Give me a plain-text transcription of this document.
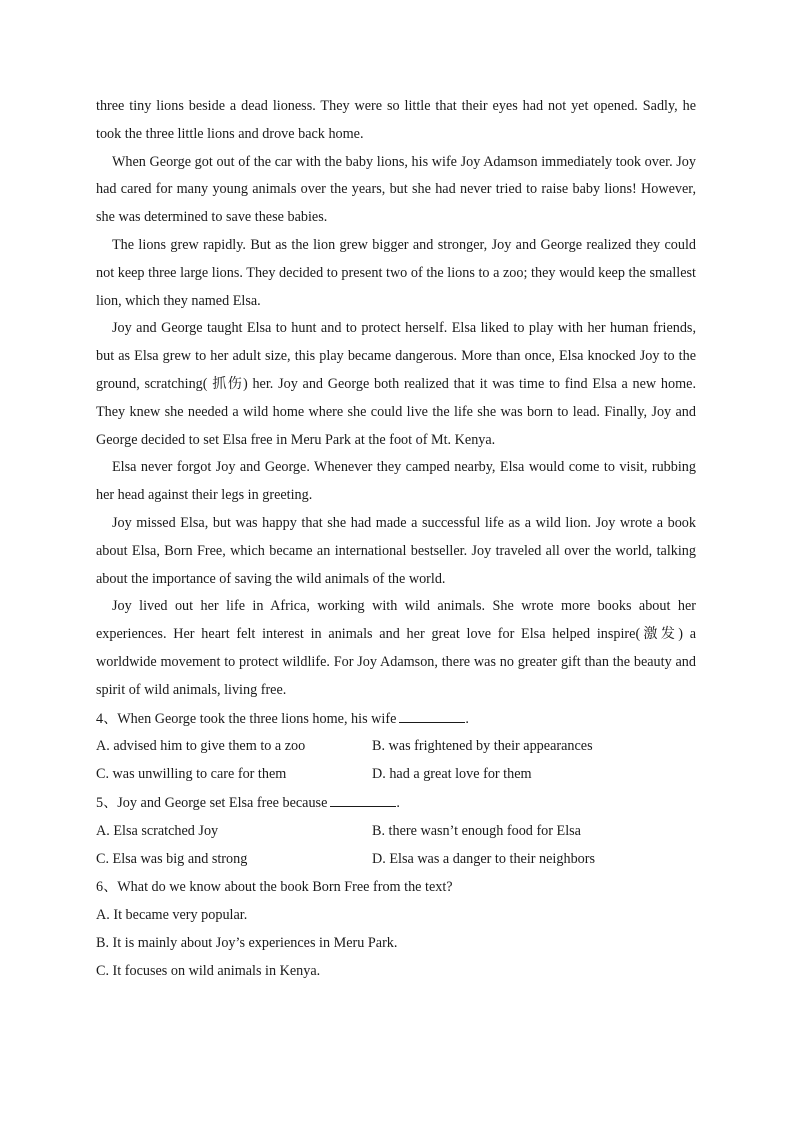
three tiny lions beside a dead lioness. They were so little that their eyes had not yet opened. Sadly, he took the three little lions and drove back home.
When George got out of the car with the baby lions, his wife Joy Adamson immediately took over. Joy had cared for many young animals over the years, but she had never tried to raise baby lions! However, she was determined to save these babies.
The lions grew rapidly. But as the lion grew bigger and stronger, Joy and George realized they could not keep three large lions. They decided to present two of the lions to a zoo; they would keep the smallest lion, which they named Elsa.
Joy and George taught Elsa to hunt and to protect herself. Elsa liked to play with her human friends, but as Elsa grew to her adult size, this play became dangerous. More than once, Elsa knocked Joy to the ground, scratching( 抓伤) her. Joy and George both realized that it was time to find Elsa a new home. They knew she needed a wild home where she could live the life she was born to lead. Finally, Joy and George decided to set Elsa free in Meru Park at the foot of Mt. Kenya.
Elsa never forgot Joy and George. Whenever they camped nearby, Elsa would come to visit, rubbing her head against their legs in greeting.
Joy missed Elsa, but was happy that she had made a successful life as a wild lion. Joy wrote a book about Elsa, Born Free, which became an international bestseller. Joy traveled all over the world, talking about the importance of saving the wild animals of the world.
Joy lived out her life in Africa, working with wild animals. She wrote more books about her experiences. Her heart felt interest in animals and her great love for Elsa helped inspire(激发) a worldwide movement to protect wildlife. For Joy Adamson, there was no greater gift than the beauty and spirit of wild animals, living free.
4、When George took the three lions home, his wife	.
A. advised him to give them to a zoo	B. was frightened by their appearances
C. was unwilling to care for them	D. had a great love for them
5、Joy and George set Elsa free because	.
A. Elsa scratched Joy	B. there wasn’t enough food for Elsa
C. Elsa was big and strong	D. Elsa was a danger to their neighbors
6、What do we know about the book Born Free from the text?
A. It became very popular.
B. It is mainly about Joy’s experiences in Meru Park.
C. It focuses on wild animals in Kenya.
